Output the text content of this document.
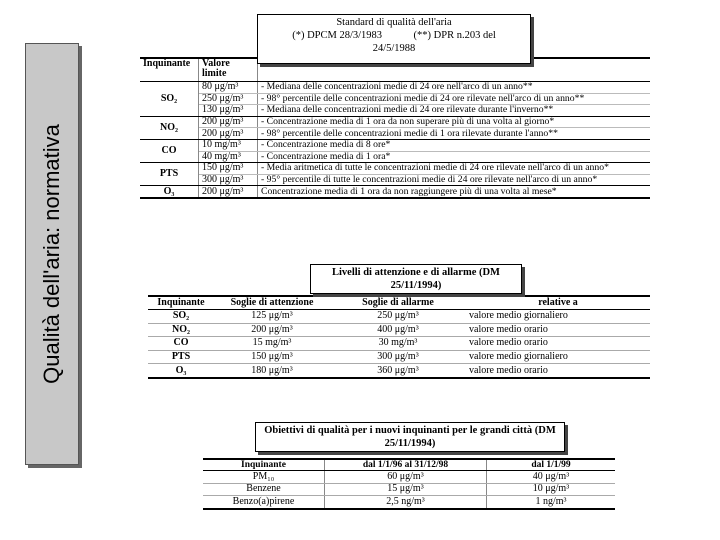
Qualità dell'aria: normativa
Standard di qualità dell'aria
(*) DPCM 28/3/1983            (**) DPR n.203 del
24/5/1988
Inquinante	Valore limite	
SO₂	80 μg/m³	- Mediana delle concentrazioni medie di 24 ore nell'arco di un anno**
	250 μg/m³	- 98° percentile delle concentrazioni medie di 24 ore rilevate nell'arco di un anno**
	130 μg/m³	- Mediana delle concentrazioni medie di 24 ore rilevate durante l'inverno**
NO₂	200 μg/m³	- Concentrazione media di 1 ora da non superare più di una volta al giorno*
	200 μg/m³	- 98° percentile delle concentrazioni medie di 1 ora rilevate durante l'anno**
CO	10 mg/m³	- Concentrazione media di 8 ore*
	40 mg/m³	- Concentrazione media di 1 ora*
PTS	150 μg/m³	- Media aritmetica di tutte le concentrazioni medie di 24 ore rilevate nell'arco di un anno*
	300 μg/m³	- 95° percentile di tutte le concentrazioni medie di 24 ore rilevate nell'arco di un anno*
O₃	200 μg/m³	Concentrazione media di 1 ora da non raggiungere più di una volta al mese*
Livelli di attenzione e di allarme (DM
25/11/1994)
Inquinante	Soglie di attenzione	Soglie di allarme	relative a
SO₂	125 μg/m³	250 μg/m³	valore medio giornaliero
NO₂	200 μg/m³	400 μg/m³	valore medio orario
CO	15 mg/m³	30 mg/m³	valore medio orario
PTS	150 μg/m³	300 μg/m³	valore medio giornaliero
O₃	180 μg/m³	360 μg/m³	valore medio orario
Obiettivi di qualità per i nuovi inquinanti per le grandi città (DM
25/11/1994)
Inquinante	dal 1/1/96 al 31/12/98	dal 1/1/99
PM₁₀	60 μg/m³	40 μg/m³
Benzene	15 μg/m³	10 μg/m³
Benzo(a)pirene	2,5 ng/m³	1 ng/m³
